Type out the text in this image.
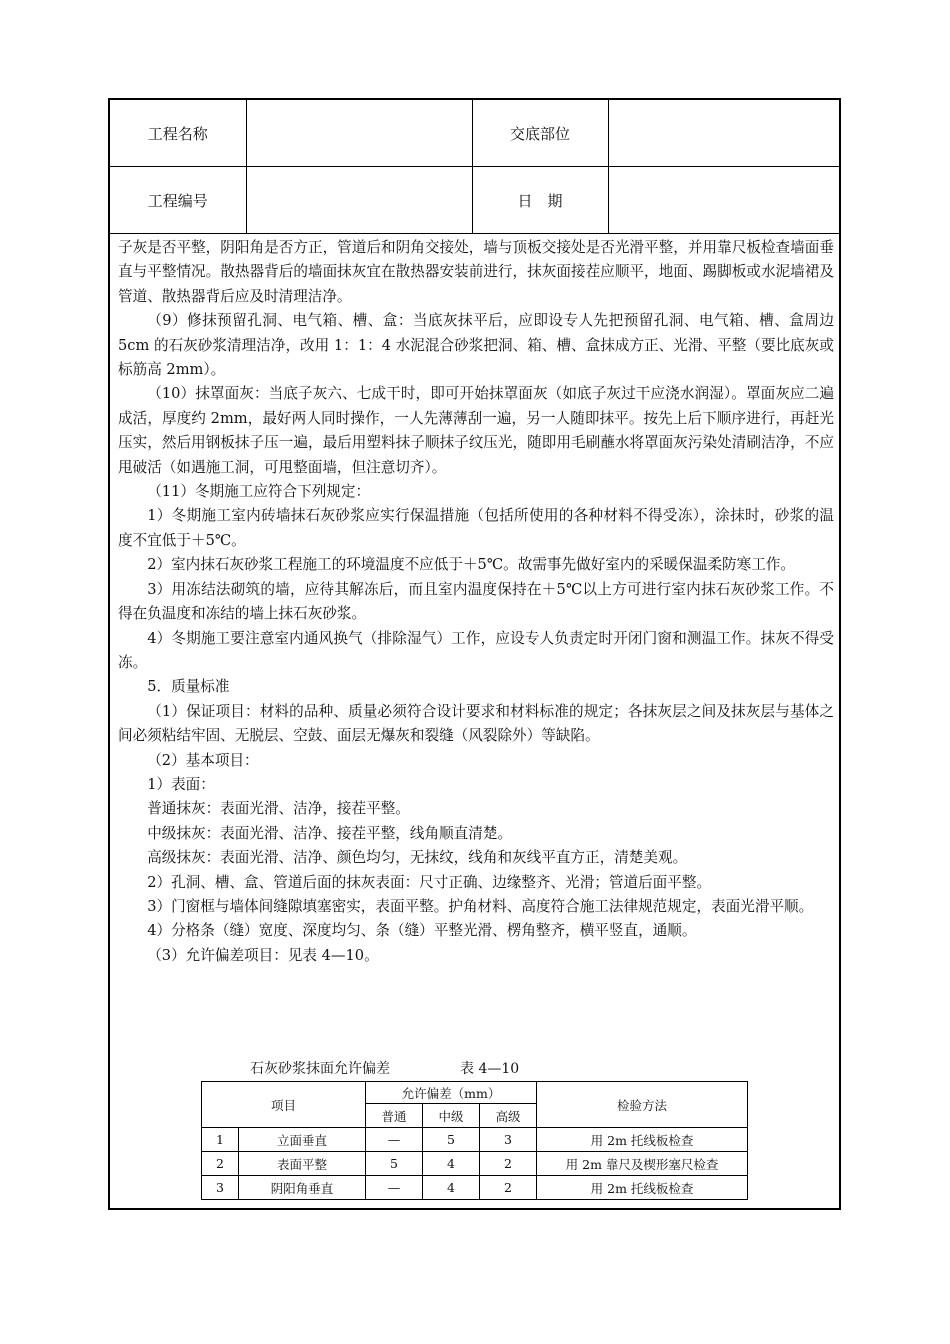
工程名称		交底部位	
工程编号		日　期	

子灰是否平整，阴阳角是否方正，管道后和阴角交接处，墙与顶板交接处是否光滑平整，并用靠尺板检查墙面垂直与平整情况。散热器背后的墙面抹灰宜在散热器安装前进行，抹灰面接茬应顺平，地面、踢脚板或水泥墙裙及管道、散热器背后应及时清理洁净。

（9）修抹预留孔洞、电气箱、槽、盒：当底灰抹平后，应即设专人先把预留孔洞、电气箱、槽、盒周边 5cm 的石灰砂浆清理洁净，改用 1：1：4 水泥混合砂浆把洞、箱、槽、盒抹成方正、光滑、平整（要比底灰或标筋高 2mm）。

（10）抹罩面灰：当底子灰六、七成干时，即可开始抹罩面灰（如底子灰过干应浇水润湿）。罩面灰应二遍成活，厚度约 2mm，最好两人同时操作，一人先薄薄刮一遍，另一人随即抹平。按先上后下顺序进行，再赶光压实，然后用钢板抹子压一遍，最后用塑料抹子顺抹子纹压光，随即用毛刷蘸水将罩面灰污染处清刷洁净，不应甩破活（如遇施工洞，可甩整面墙，但注意切齐）。

（11）冬期施工应符合下列规定：

1）冬期施工室内砖墙抹石灰砂浆应实行保温措施（包括所使用的各种材料不得受冻），涂抹时，砂浆的温度不宜低于＋5℃。

2）室内抹石灰砂浆工程施工的环境温度不应低于＋5℃。故需事先做好室内的采暖保温柔防寒工作。

3）用冻结法砌筑的墙，应待其解冻后，而且室内温度保持在＋5℃以上方可进行室内抹石灰砂浆工作。不得在负温度和冻结的墙上抹石灰砂浆。

4）冬期施工要注意室内通风换气（排除湿气）工作，应设专人负责定时开闭门窗和测温工作。抹灰不得受冻。

5．质量标准

（1）保证项目：材料的品种、质量必须符合设计要求和材料标准的规定；各抹灰层之间及抹灰层与基体之间必须粘结牢固、无脱层、空鼓、面层无爆灰和裂缝（风裂除外）等缺陷。

（2）基本项目：

1）表面：

普通抹灰：表面光滑、洁净，接茬平整。

中级抹灰：表面光滑、洁净、接茬平整，线角顺直清楚。

高级抹灰：表面光滑、洁净、颜色均匀，无抹纹，线角和灰线平直方正，清楚美观。

2）孔洞、槽、盒、管道后面的抹灰表面：尺寸正确、边缘整齐、光滑；管道后面平整。

3）门窗框与墙体间缝隙填塞密实，表面平整。护角材料、高度符合施工法律规范规定，表面光滑平顺。

4）分格条（缝）宽度、深度均匀、条（缝）平整光滑、楞角整齐，横平竖直，通顺。

（3）允许偏差项目：见表 4—10。

石灰砂浆抹面允许偏差	表 4—10
项目		允许偏差（mm）			检验方法
		普通	中级	高级	
1	立面垂直	—	5	3	用 2m 托线板检查
2	表面平整	5	4	2	用 2m 靠尺及楔形塞尺检查
3	阴阳角垂直	—	4	2	用 2m 托线板检查
